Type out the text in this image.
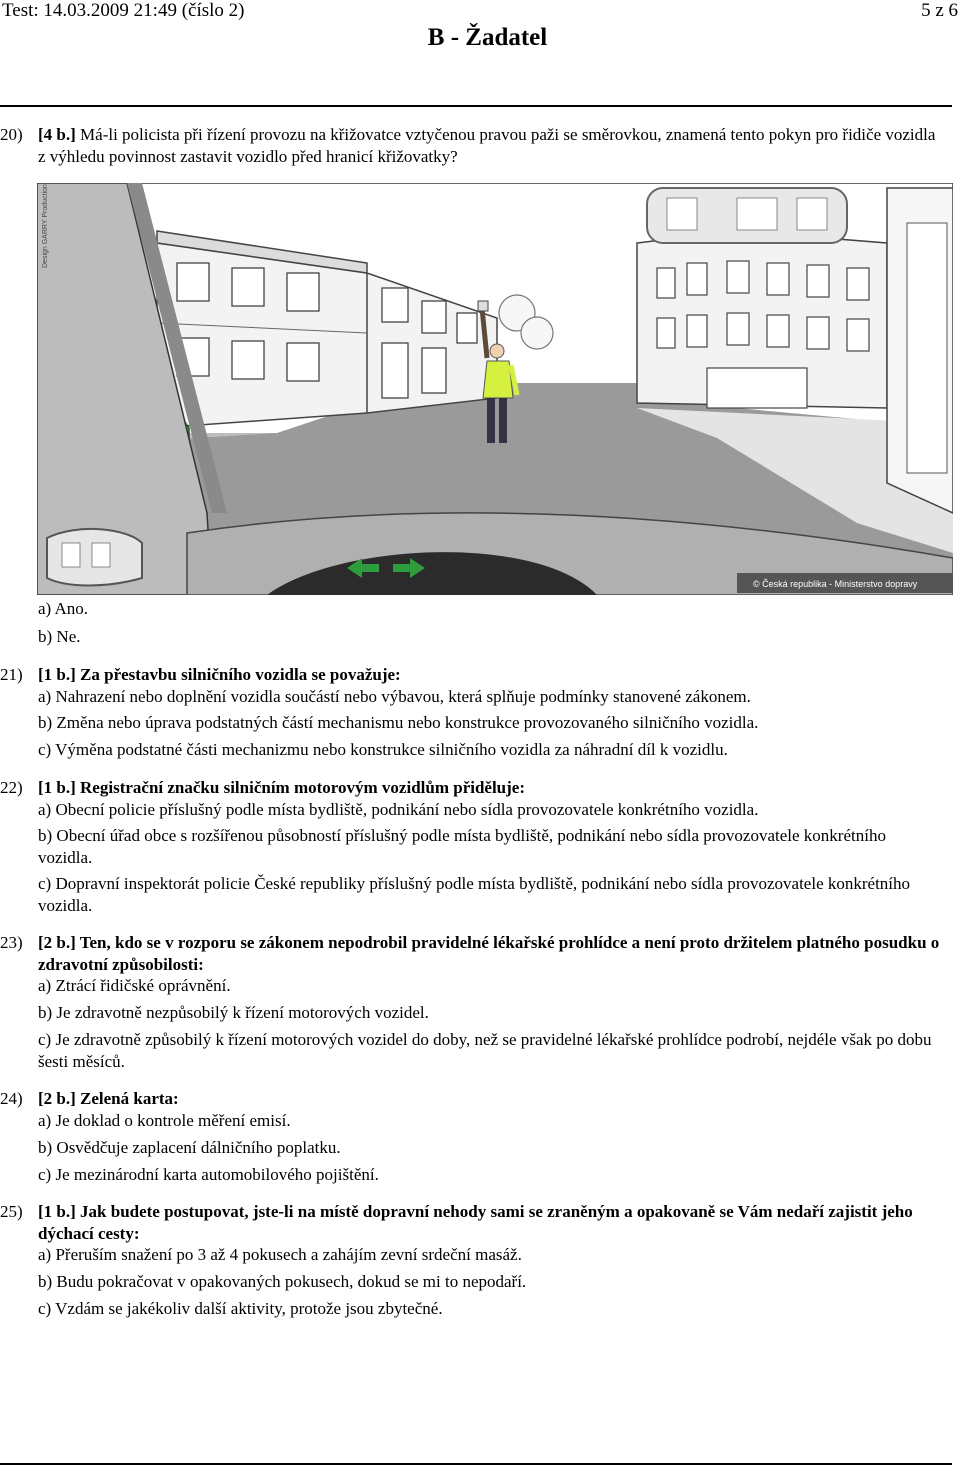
Test: 14.03.2009 21:49 (číslo 2)	5 z 6
B - Žadatel
20) [4 b.] Má-li policista při řízení provozu na křižovatce vztyčenou pravou paži se směrovkou, znamená tento pokyn pro řidiče vozidla z výhledu povinnost zastavit vozidlo před hranicí křižovatky?
Design GARRY Production
© Česká republika - Ministerstvo dopravy
a) Ano.
b) Ne.
21) [1 b.] Za přestavbu silničního vozidla se považuje:
a) Nahrazení nebo doplnění vozidla součástí nebo výbavou, která splňuje podmínky stanovené zákonem.
b) Změna nebo úprava podstatných částí mechanismu nebo konstrukce provozovaného silničního vozidla.
c) Výměna podstatné části mechanizmu nebo konstrukce silničního vozidla za náhradní díl k vozidlu.
22) [1 b.] Registrační značku silničním motorovým vozidlům přiděluje:
a) Obecní policie příslušný podle místa bydliště, podnikání nebo sídla provozovatele konkrétního vozidla.
b) Obecní úřad obce s rozšířenou působností příslušný podle místa bydliště, podnikání nebo sídla provozovatele konkrétního vozidla.
c) Dopravní inspektorát policie České republiky příslušný podle místa bydliště, podnikání nebo sídla provozovatele konkrétního vozidla.
23) [2 b.] Ten, kdo se v rozporu se zákonem nepodrobil pravidelné lékařské prohlídce a není proto držitelem platného posudku o zdravotní způsobilosti:
a) Ztrácí řidičské oprávnění.
b) Je zdravotně nezpůsobilý k řízení motorových vozidel.
c) Je zdravotně způsobilý k řízení motorových vozidel do doby, než se pravidelné lékařské prohlídce podrobí, nejdéle však po dobu šesti měsíců.
24) [2 b.] Zelená karta:
a) Je doklad o kontrole měření emisí.
b) Osvědčuje zaplacení dálničního poplatku.
c) Je mezinárodní karta automobilového pojištění.
25) [1 b.] Jak budete postupovat, jste-li na místě dopravní nehody sami se zraněným a opakovaně se Vám nedaří zajistit jeho dýchací cesty:
a) Přeruším snažení po 3 až 4 pokusech a zahájím zevní srdeční masáž.
b) Budu pokračovat v opakovaných pokusech, dokud se mi to nepodaří.
c) Vzdám se jakékoliv další aktivity, protože jsou zbytečné.
